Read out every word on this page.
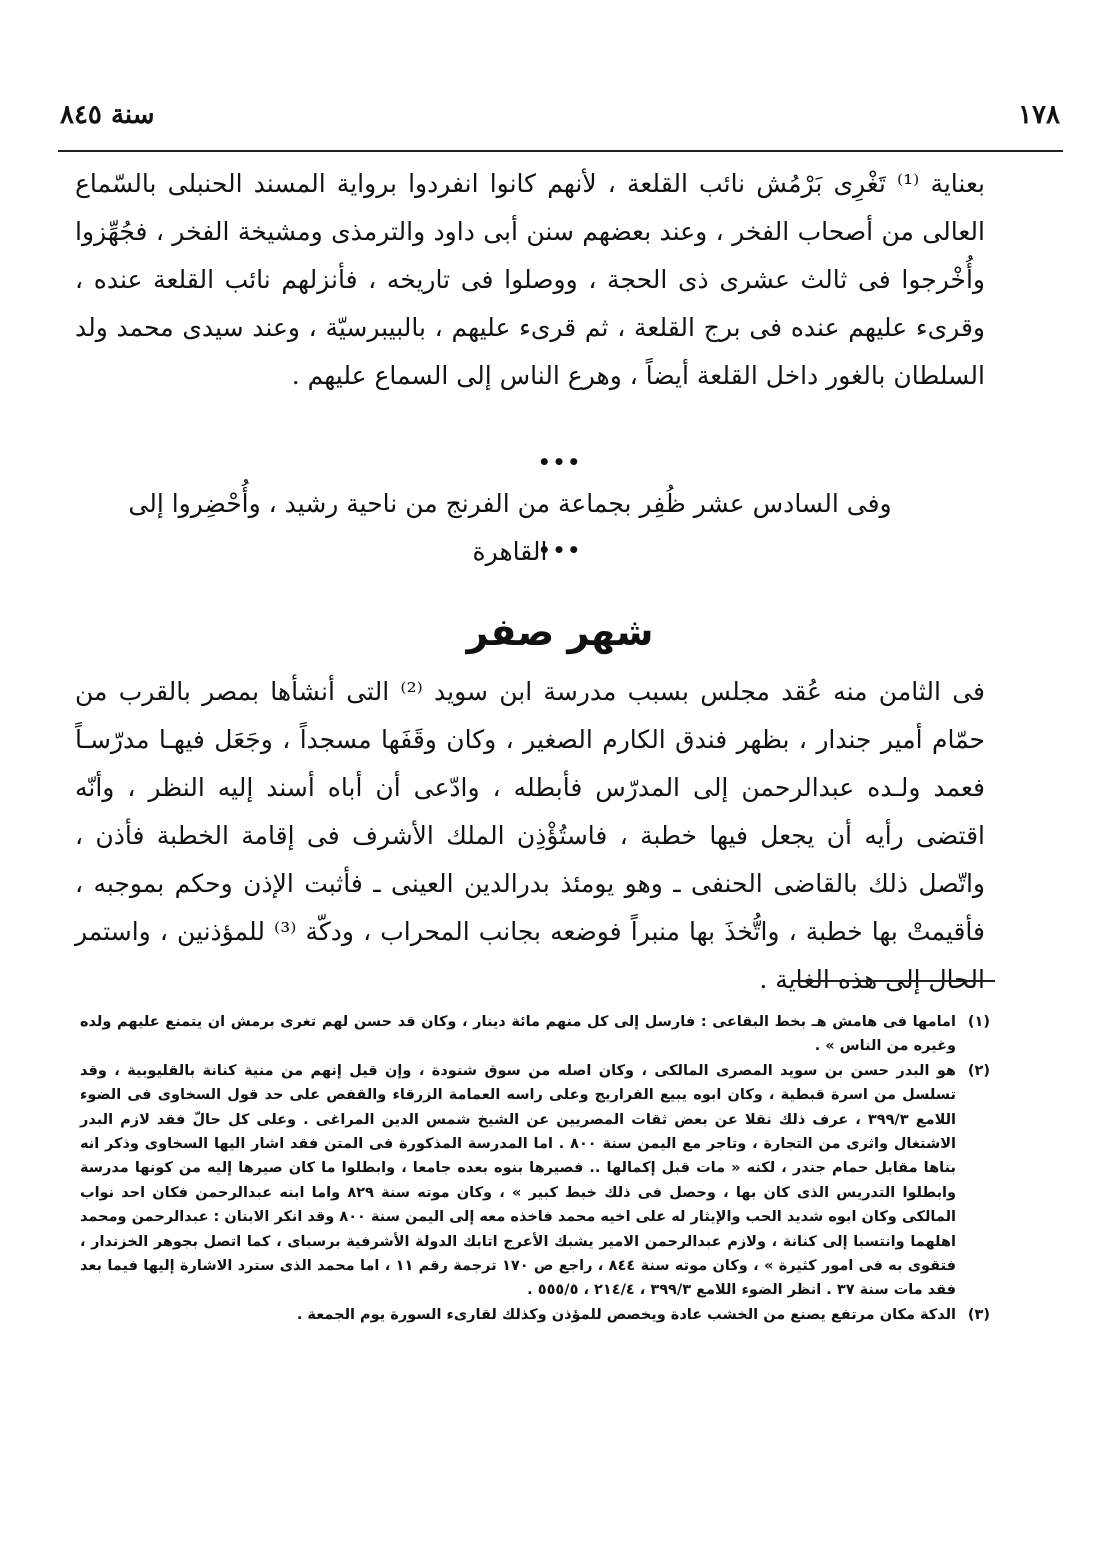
١٧٨
سنة ٨٤٥
بعناية ⁽¹⁾ تَغْرِى بَرْمُش نائب القلعة ، لأنهم كانوا انفردوا برواية المسند الحنبلى بالسّماع العالى من أصحاب الفخر ، وعند بعضهم سنن أبى داود والترمذى ومشيخة الفخر ، فجُهِّزوا وأُخْرجوا فى ثالث عشرى ذى الحجة ، ووصلوا فى تاريخه ، فأنزلهم نائب القلعة عنده ، وقرىء عليهم عنده فى برج القلعة ، ثم قرىء عليهم ، بالبيبرسيّة ، وعند سيدى محمد ولد السلطان بالغور داخل القلعة أيضاً ، وهرع الناس إلى السماع عليهم .
•••
وفى السادس عشر ظُفِر بجماعة من الفرنج من ناحية رشيد ، وأُحْضِروا إلى القاهرة
•••
شهر صفر
فى الثامن منه عُقد مجلس بسبب مدرسة ابن سويد ⁽²⁾ التى أنشأها بمصر بالقرب من حمّام أمير جندار ، بظهر فندق الكارم الصغير ، وكان وقَفَها مسجداً ، وجَعَل فيهـا مدرّسـاً فعمد ولـده عبدالرحمن إلى المدرّس فأبطله ، وادّعى أن أباه أسند إليه النظر ، وأنّه اقتضى رأيه أن يجعل فيها خطبة ، فاستُؤْذِن الملك الأشرف فى إقامة الخطبة فأذن ، واتّصل ذلك بالقاضى الحنفى ـ وهو يومئذ بدرالدين العينى ـ فأثبت الإذن وحكم بموجبه ، فأقيمتْ بها خطبة ، واتُّخذَ بها منبراً فوضعه بجانب المحراب ، ودكّة ⁽³⁾ للمؤذنين ، واستمر الحال إلى هذه الغاية .
(١)
امامها فى هامش هـ بخط البقاعى : فارسل إلى كل منهم مائة دينار ، وكان قد حسن لهم تغرى برمش ان يتمنع عليهم ولده وغيره من الناس » .
(٢)
هو البدر حسن بن سويد المصرى المالكى ، وكان اصله من سوق شنودة ، وإن قيل إنهم من منية كنانة بالقليوبية ، وقد تسلسل من اسرة قبطية ، وكان ابوه يبيع الفراريج وعلى راسه العمامة الزرقاء والقفص على حد قول السخاوى فى الضوء اللامع ٣٩٩/٣ ، عرف ذلك نقلا عن بعض ثقات المصريين عن الشيخ شمس الدين المراغى . وعلى كل حالّ فقد لازم البدر الاشتغال واثرى من التجارة ، وتاجر مع اليمن سنة ٨٠٠ . اما المدرسة المذكورة فى المتن فقد اشار اليها السخاوى وذكر انه بناها مقابل حمام جندر ، لكنه « مات قبل إكمالها .. فصيرها بنوه بعده جامعا ، وابطلوا ما كان صيرها إليه من كونها مدرسة وابطلوا التدريس الذى كان بها ، وحصل فى ذلك خبط كبير » ، وكان موته سنة ٨٢٩ واما ابنه عبدالرحمن فكان احد نواب المالكى وكان ابوه شديد الحب والإيثار له على اخيه محمد فاخذه معه إلى اليمن سنة ٨٠٠ وقد انكر الابنان : عبدالرحمن ومحمد اهلهما وانتسبا إلى كنانة ، ولازم عبدالرحمن الامير يشبك الأعرج اتابك الدولة الأشرفية برسباى ، كما اتصل بجوهر الخزندار ، فتقوى به فى امور كثيرة » ، وكان موته سنة ٨٤٤ ، راجع ص ١٧٠ ترجمة رقم ١١ ، اما محمد الذى سترد الاشارة إليها فيما بعد فقد مات سنة ٣٧ . انظر الضوء اللامع ٣٩٩/٣ ، ٢١٤/٤ ، ٥٥٥/٥ .
(٣)
الدكة مكان مرتفع يصنع من الخشب عادة ويخصص للمؤذن وكذلك لقارىء السورة يوم الجمعة .
